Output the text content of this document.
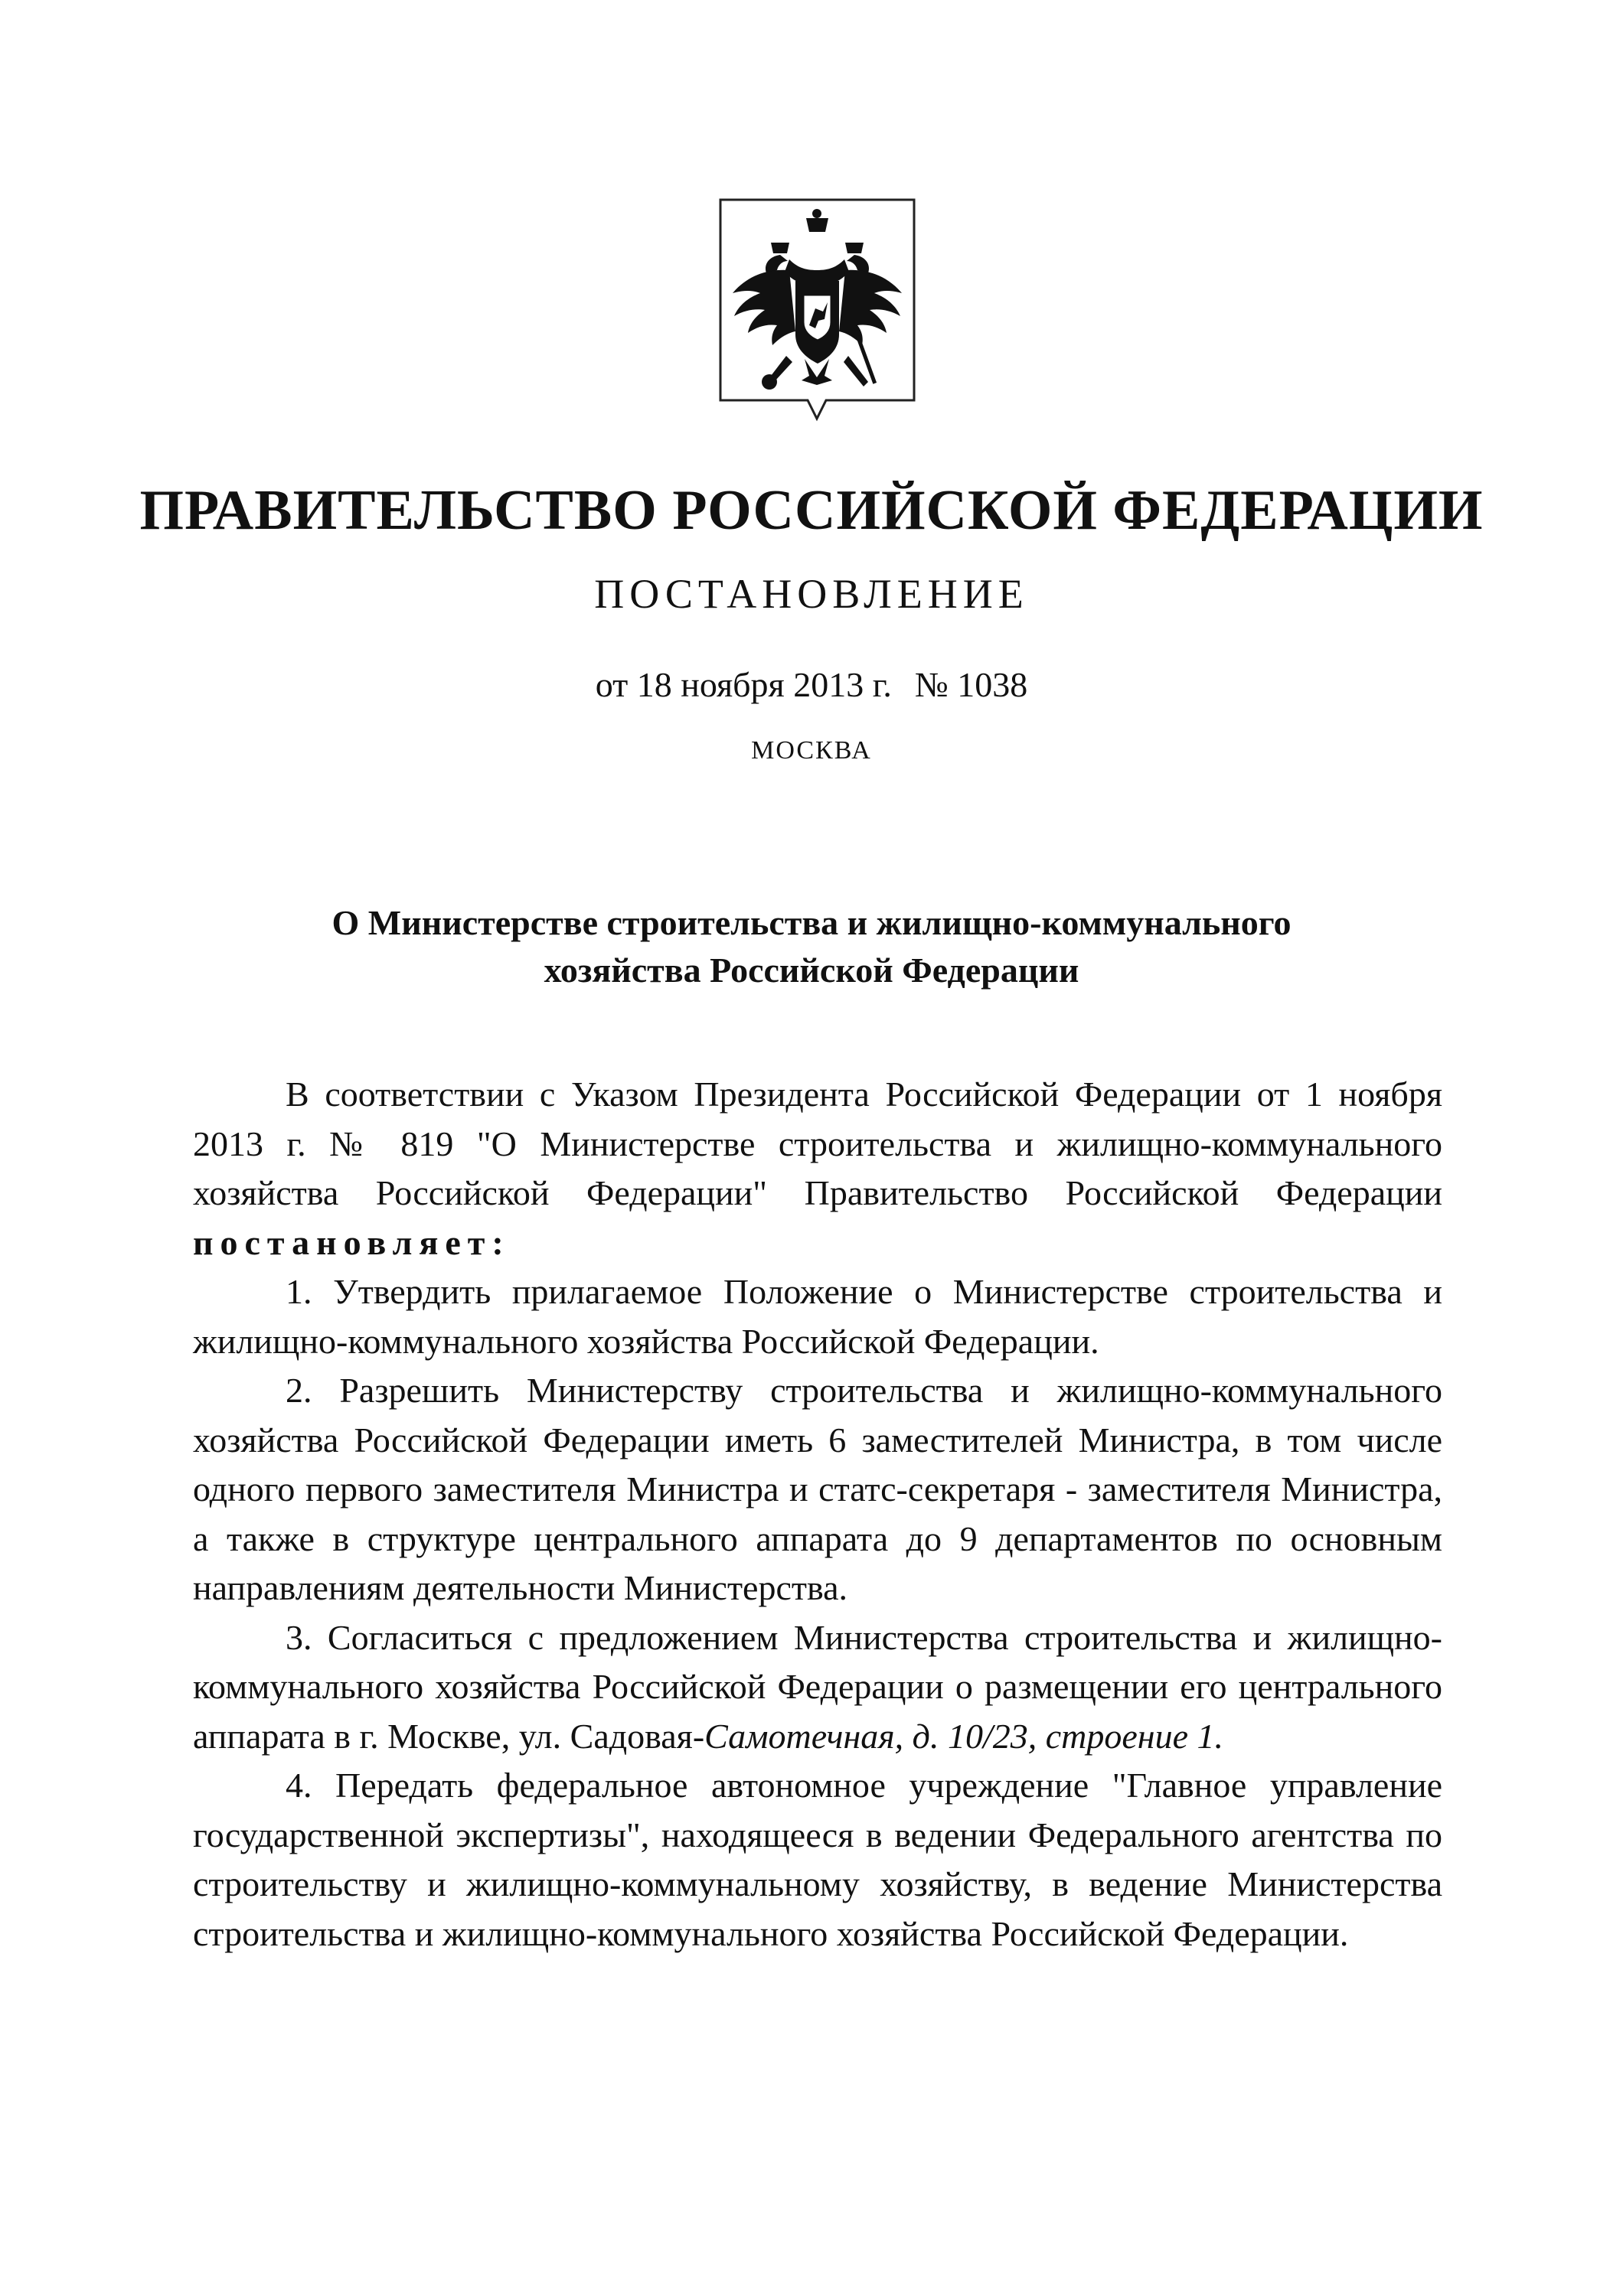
ПРАВИТЕЛЬСТВО РОССИЙСКОЙ ФЕДЕРАЦИИ
ПОСТАНОВЛЕНИЕ
от 18 ноября 2013 г. № 1038
МОСКВА
О Министерстве строительства и жилищно-коммунального
хозяйства Российской Федерации

В соответствии с Указом Президента Российской Федерации от 1 ноября 2013 г. № 819 "О Министерстве строительства и жилищно-коммунального хозяйства Российской Федерации" Правительство Российской Федерации постановляет:

1. Утвердить прилагаемое Положение о Министерстве строительства и жилищно-коммунального хозяйства Российской Федерации.

2. Разрешить Министерству строительства и жилищно-коммунального хозяйства Российской Федерации иметь 6 заместителей Министра, в том числе одного первого заместителя Министра и статс-секретаря - заместителя Министра, а также в структуре центрального аппарата до 9 департаментов по основным направлениям деятельности Министерства.

3. Согласиться с предложением Министерства строительства и жилищно-коммунального хозяйства Российской Федерации о размещении его центрального аппарата в г. Москве, ул. Садовая-Самотечная, д. 10/23, строение 1.

4. Передать федеральное автономное учреждение "Главное управление государственной экспертизы", находящееся в ведении Федерального агентства по строительству и жилищно-коммунальному хозяйству, в ведение Министерства строительства и жилищно-коммунального хозяйства Российской Федерации.
